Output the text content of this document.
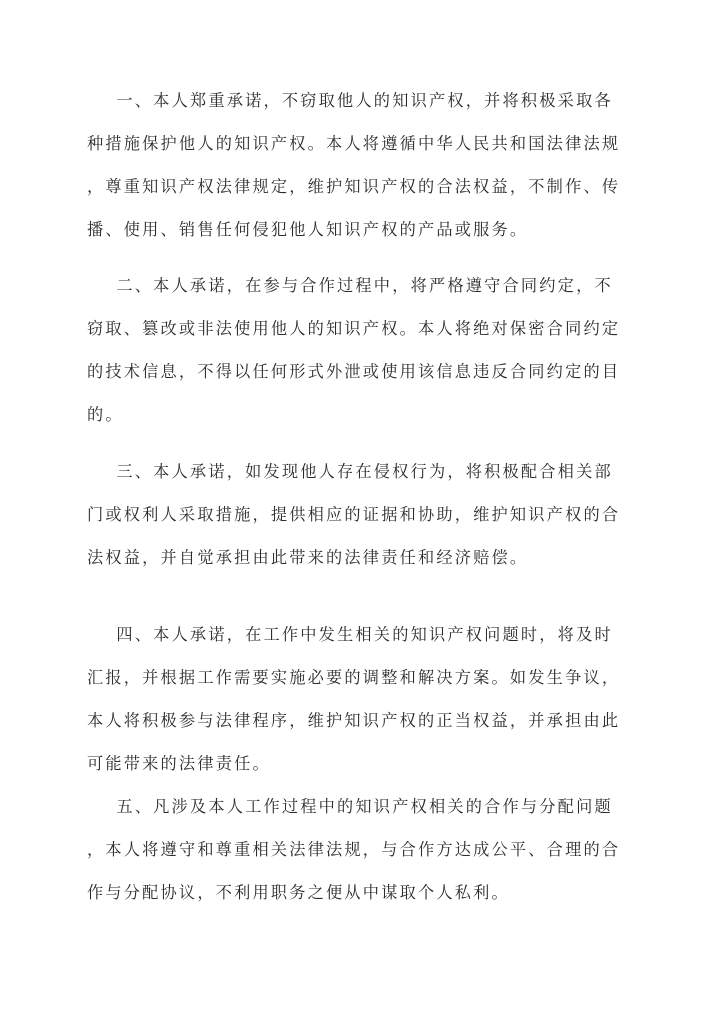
一、本人郑重承诺，不窃取他人的知识产权，并将积极采取各
种措施保护他人的知识产权。本人将遵循中华人民共和国法律法规
，尊重知识产权法律规定，维护知识产权的合法权益，不制作、传
播、使用、销售任何侵犯他人知识产权的产品或服务。

二、本人承诺，在参与合作过程中，将严格遵守合同约定，不
窃取、篡改或非法使用他人的知识产权。本人将绝对保密合同约定
的技术信息，不得以任何形式外泄或使用该信息违反合同约定的目
的。

三、本人承诺，如发现他人存在侵权行为，将积极配合相关部
门或权利人采取措施，提供相应的证据和协助，维护知识产权的合
法权益，并自觉承担由此带来的法律责任和经济赔偿。

四、本人承诺，在工作中发生相关的知识产权问题时，将及时
汇报，并根据工作需要实施必要的调整和解决方案。如发生争议，
本人将积极参与法律程序，维护知识产权的正当权益，并承担由此
可能带来的法律责任。

五、凡涉及本人工作过程中的知识产权相关的合作与分配问题
，本人将遵守和尊重相关法律法规，与合作方达成公平、合理的合
作与分配协议，不利用职务之便从中谋取个人私利。
